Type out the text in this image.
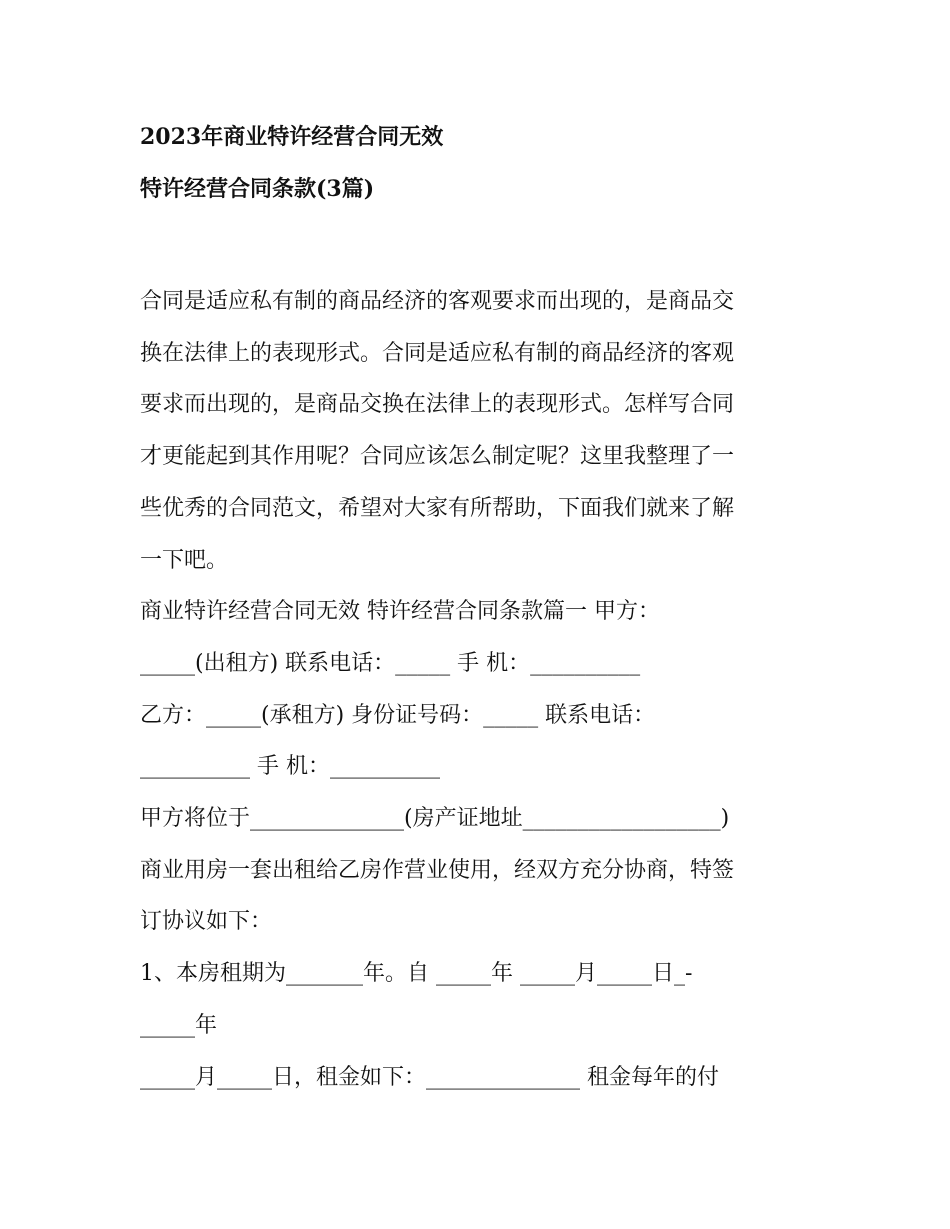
2023年商业特许经营合同无效
特许经营合同条款(3篇)
合同是适应私有制的商品经济的客观要求而出现的，是商品交
换在法律上的表现形式。合同是适应私有制的商品经济的客观
要求而出现的，是商品交换在法律上的表现形式。怎样写合同
才更能起到其作用呢？合同应该怎么制定呢？这里我整理了一
些优秀的合同范文，希望对大家有所帮助，下面我们就来了解
一下吧。
商业特许经营合同无效 特许经营合同条款篇一 甲方：
_____(出租方) 联系电话：_____ 手 机：__________
乙方：_____(承租方) 身份证号码：_____ 联系电话：
__________ 手 机：__________
甲方将位于______________(房产证地址__________________)
商业用房一套出租给乙房作营业使用，经双方充分协商，特签
订协议如下：
1、本房租期为_______年。自 _____年 _____月_____日_-
_____年
_____月_____日，租金如下：______________ 租金每年的付
